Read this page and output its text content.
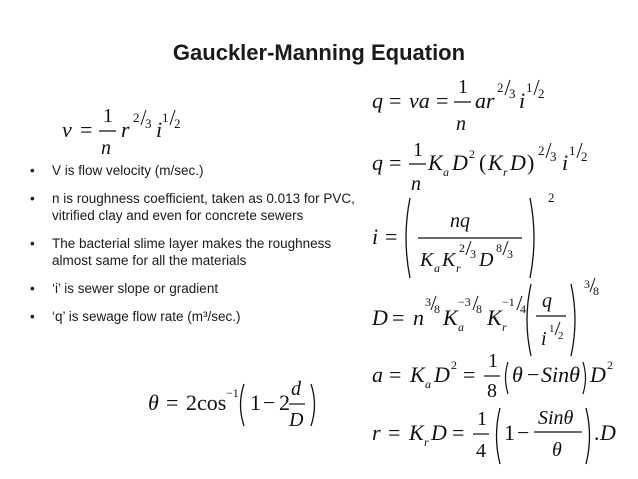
Gauckler-Manning Equation
• V is flow velocity (m/sec.)
• n is roughness coefficient, taken as 0.013 for PVC, vitrified clay and even for concrete sewers
• The bacterial slime layer makes the roughness almost same for all the materials
• ‘i’ is sewer slope or gradient
• ‘q’ is sewage flow rate (m³/sec.)
v =
1
n
r 2 3 i 1 2
q = va =
1
n
ar
2 3 i
1 2
q = 1
n
K a D 2 ( K r D ) 2 3 i 1 2
i =
nq
K a K r
2 3 D
8 3
2
D = n
3 8 K a
−3 8 K r
−1 4 q
i 1
2
3 8
a = K a D 2 =
1
8
θ − Sinθ D 2
r = K r D =
1
4
1 −
Sinθ
θ
. D
θ = 2cos −1 1 − 2
d
D
